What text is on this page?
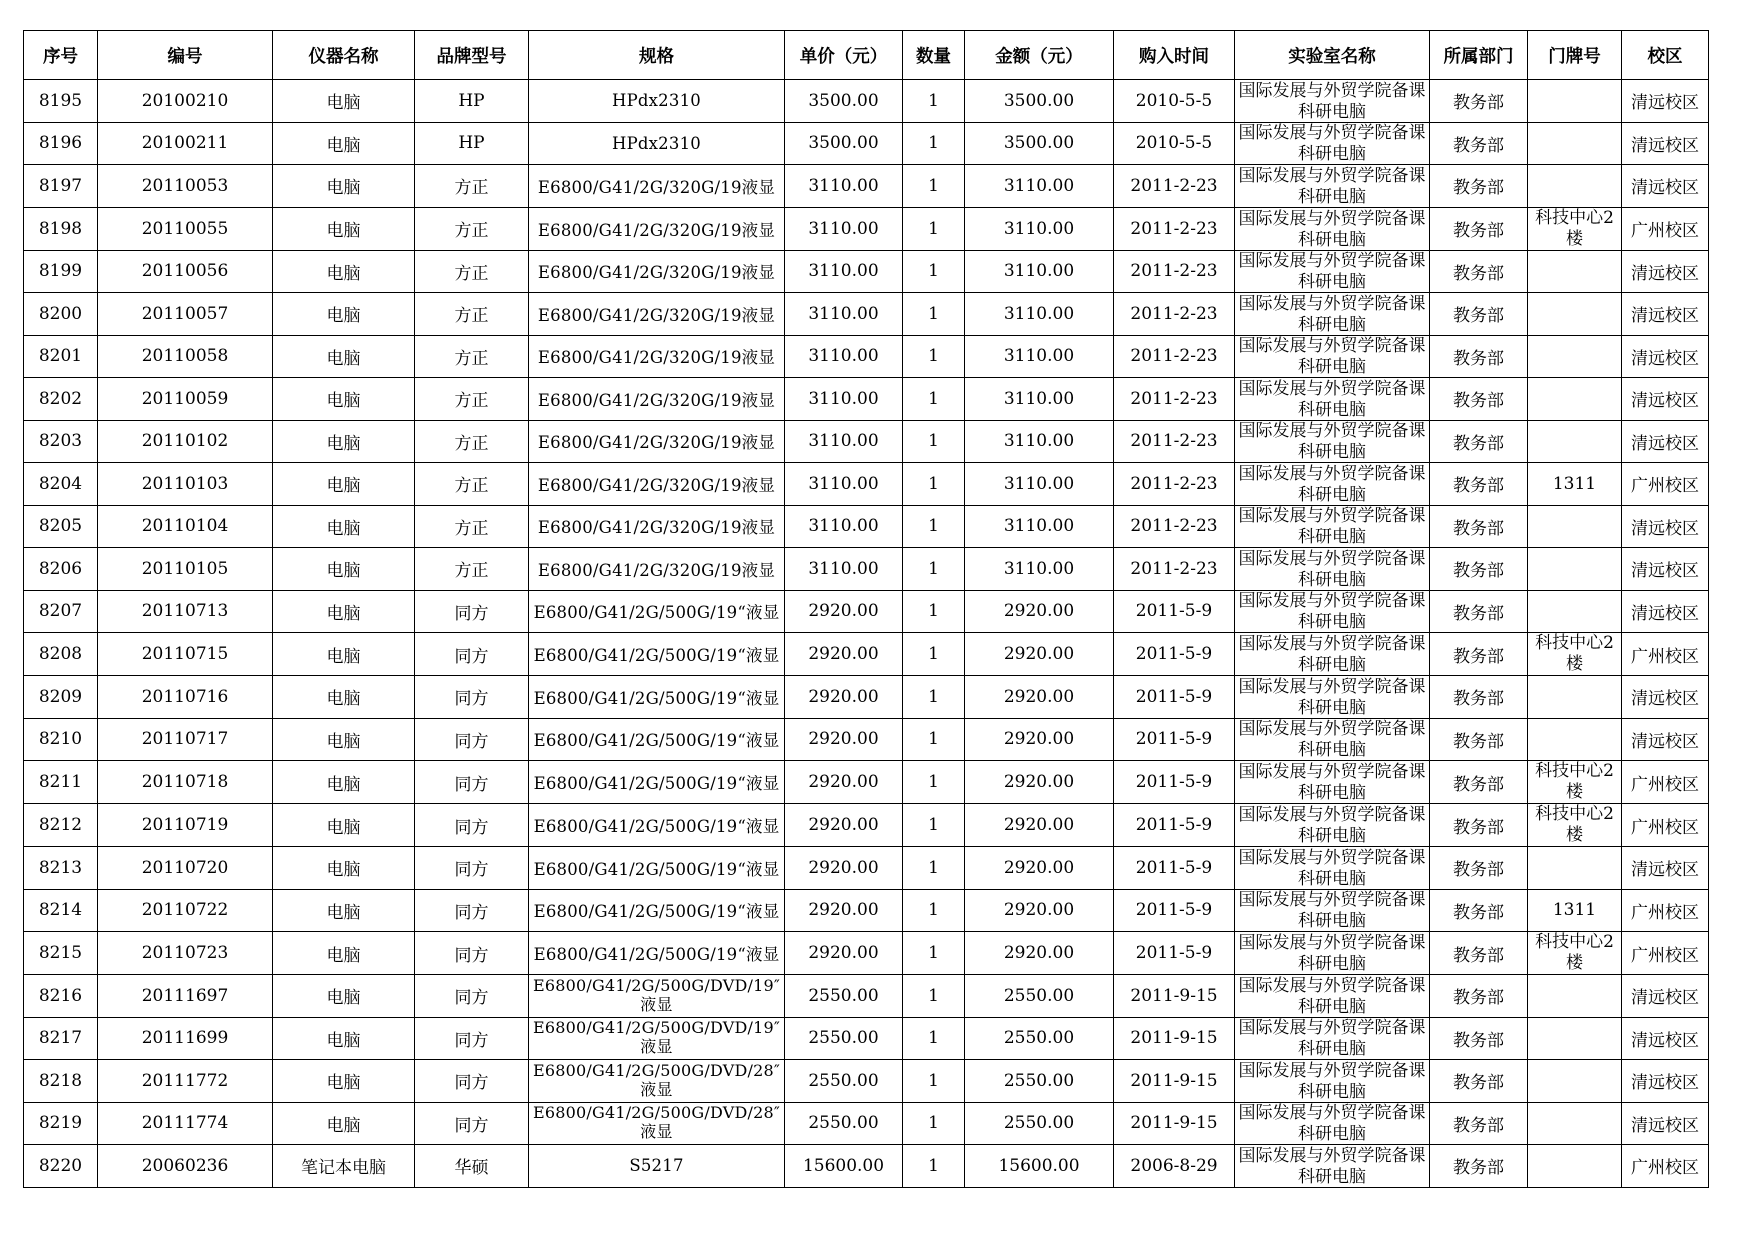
序号	编号	仪器名称	品牌型号	规格	单价（元）	数量	金额（元）	购入时间	实验室名称	所属部门	门牌号	校区
8195	20100210	电脑	HP	HPdx2310	3500.00	1	3500.00	2010-5-5	国际发展与外贸学院备课科研电脑	教务部		清远校区
8196	20100211	电脑	HP	HPdx2310	3500.00	1	3500.00	2010-5-5	国际发展与外贸学院备课科研电脑	教务部		清远校区
8197	20110053	电脑	方正	E6800/G41/2G/320G/19液显	3110.00	1	3110.00	2011-2-23	国际发展与外贸学院备课科研电脑	教务部		清远校区
8198	20110055	电脑	方正	E6800/G41/2G/320G/19液显	3110.00	1	3110.00	2011-2-23	国际发展与外贸学院备课科研电脑	教务部	科技中心2楼	广州校区
8199	20110056	电脑	方正	E6800/G41/2G/320G/19液显	3110.00	1	3110.00	2011-2-23	国际发展与外贸学院备课科研电脑	教务部		清远校区
8200	20110057	电脑	方正	E6800/G41/2G/320G/19液显	3110.00	1	3110.00	2011-2-23	国际发展与外贸学院备课科研电脑	教务部		清远校区
8201	20110058	电脑	方正	E6800/G41/2G/320G/19液显	3110.00	1	3110.00	2011-2-23	国际发展与外贸学院备课科研电脑	教务部		清远校区
8202	20110059	电脑	方正	E6800/G41/2G/320G/19液显	3110.00	1	3110.00	2011-2-23	国际发展与外贸学院备课科研电脑	教务部		清远校区
8203	20110102	电脑	方正	E6800/G41/2G/320G/19液显	3110.00	1	3110.00	2011-2-23	国际发展与外贸学院备课科研电脑	教务部		清远校区
8204	20110103	电脑	方正	E6800/G41/2G/320G/19液显	3110.00	1	3110.00	2011-2-23	国际发展与外贸学院备课科研电脑	教务部	1311	广州校区
8205	20110104	电脑	方正	E6800/G41/2G/320G/19液显	3110.00	1	3110.00	2011-2-23	国际发展与外贸学院备课科研电脑	教务部		清远校区
8206	20110105	电脑	方正	E6800/G41/2G/320G/19液显	3110.00	1	3110.00	2011-2-23	国际发展与外贸学院备课科研电脑	教务部		清远校区
8207	20110713	电脑	同方	E6800/G41/2G/500G/19“液显	2920.00	1	2920.00	2011-5-9	国际发展与外贸学院备课科研电脑	教务部		清远校区
8208	20110715	电脑	同方	E6800/G41/2G/500G/19“液显	2920.00	1	2920.00	2011-5-9	国际发展与外贸学院备课科研电脑	教务部	科技中心2楼	广州校区
8209	20110716	电脑	同方	E6800/G41/2G/500G/19“液显	2920.00	1	2920.00	2011-5-9	国际发展与外贸学院备课科研电脑	教务部		清远校区
8210	20110717	电脑	同方	E6800/G41/2G/500G/19“液显	2920.00	1	2920.00	2011-5-9	国际发展与外贸学院备课科研电脑	教务部		清远校区
8211	20110718	电脑	同方	E6800/G41/2G/500G/19“液显	2920.00	1	2920.00	2011-5-9	国际发展与外贸学院备课科研电脑	教务部	科技中心2楼	广州校区
8212	20110719	电脑	同方	E6800/G41/2G/500G/19“液显	2920.00	1	2920.00	2011-5-9	国际发展与外贸学院备课科研电脑	教务部	科技中心2楼	广州校区
8213	20110720	电脑	同方	E6800/G41/2G/500G/19“液显	2920.00	1	2920.00	2011-5-9	国际发展与外贸学院备课科研电脑	教务部		清远校区
8214	20110722	电脑	同方	E6800/G41/2G/500G/19“液显	2920.00	1	2920.00	2011-5-9	国际发展与外贸学院备课科研电脑	教务部	1311	广州校区
8215	20110723	电脑	同方	E6800/G41/2G/500G/19“液显	2920.00	1	2920.00	2011-5-9	国际发展与外贸学院备课科研电脑	教务部	科技中心2楼	广州校区
8216	20111697	电脑	同方	E6800/G41/2G/500G/DVD/19″液显	2550.00	1	2550.00	2011-9-15	国际发展与外贸学院备课科研电脑	教务部		清远校区
8217	20111699	电脑	同方	E6800/G41/2G/500G/DVD/19″液显	2550.00	1	2550.00	2011-9-15	国际发展与外贸学院备课科研电脑	教务部		清远校区
8218	20111772	电脑	同方	E6800/G41/2G/500G/DVD/28″液显	2550.00	1	2550.00	2011-9-15	国际发展与外贸学院备课科研电脑	教务部		清远校区
8219	20111774	电脑	同方	E6800/G41/2G/500G/DVD/28″液显	2550.00	1	2550.00	2011-9-15	国际发展与外贸学院备课科研电脑	教务部		清远校区
8220	20060236	笔记本电脑	华硕	S5217	15600.00	1	15600.00	2006-8-29	国际发展与外贸学院备课科研电脑	教务部		广州校区
